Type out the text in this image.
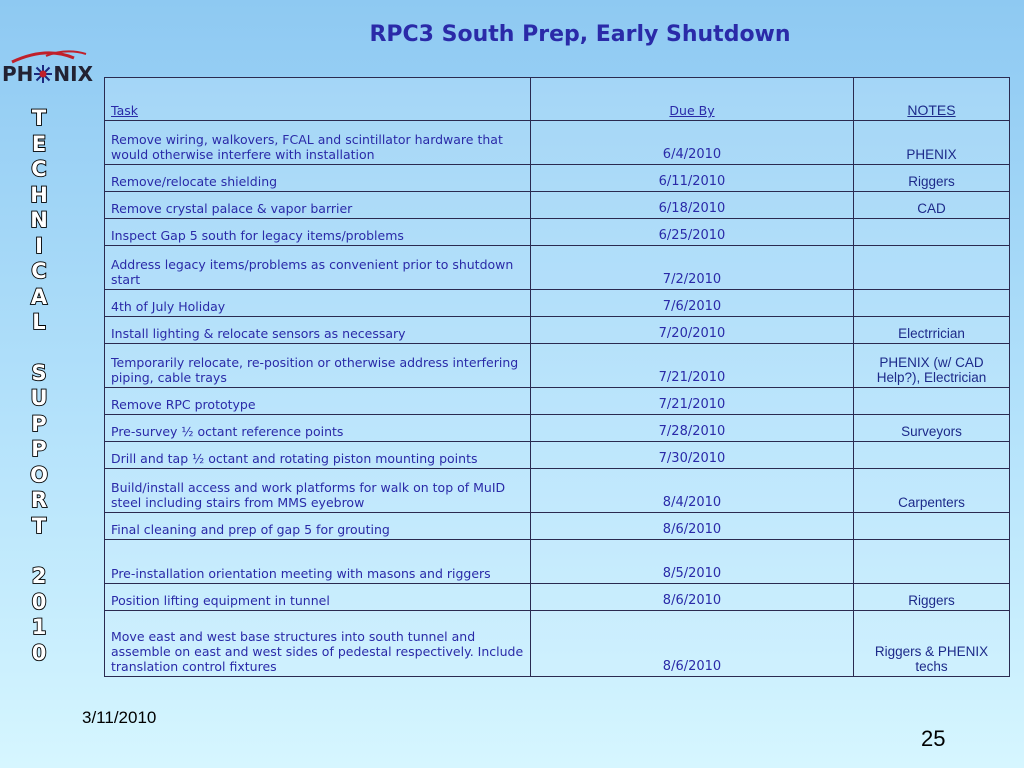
RPC3 South Prep, Early Shutdown
PH NIX
T
E
C
H
N
I
C
A
L
S
U
P
P
O
R
T
2
0
1
0
Task	Due By	NOTES
Remove wiring, walkovers, FCAL and scintillator hardware that would otherwise interfere with installation	6/4/2010	PHENIX
Remove/relocate shielding	6/11/2010	Riggers
Remove crystal palace & vapor barrier	6/18/2010	CAD
Inspect Gap 5 south for legacy items/problems	6/25/2010	
Address legacy items/problems as convenient prior to shutdown start	7/2/2010	
4th of July Holiday	7/6/2010	
Install lighting & relocate sensors as necessary	7/20/2010	Electrrician
Temporarily relocate, re-position or otherwise address interfering piping, cable trays	7/21/2010	PHENIX (w/ CAD Help?), Electrician
Remove RPC prototype	7/21/2010	
Pre-survey ½ octant reference points	7/28/2010	Surveyors
Drill and tap ½ octant and rotating piston mounting points	7/30/2010	
Build/install access and work platforms for walk on top of MuID steel including stairs from MMS eyebrow	8/4/2010	Carpenters
Final cleaning and prep of gap 5 for grouting	8/6/2010	
Pre-installation orientation meeting with masons and riggers	8/5/2010	
Position lifting equipment in tunnel	8/6/2010	Riggers
Move east and west base structures into south tunnel and assemble on east and west sides of pedestal respectively. Include translation control fixtures	8/6/2010	Riggers & PHENIX techs
3/11/2010
25
